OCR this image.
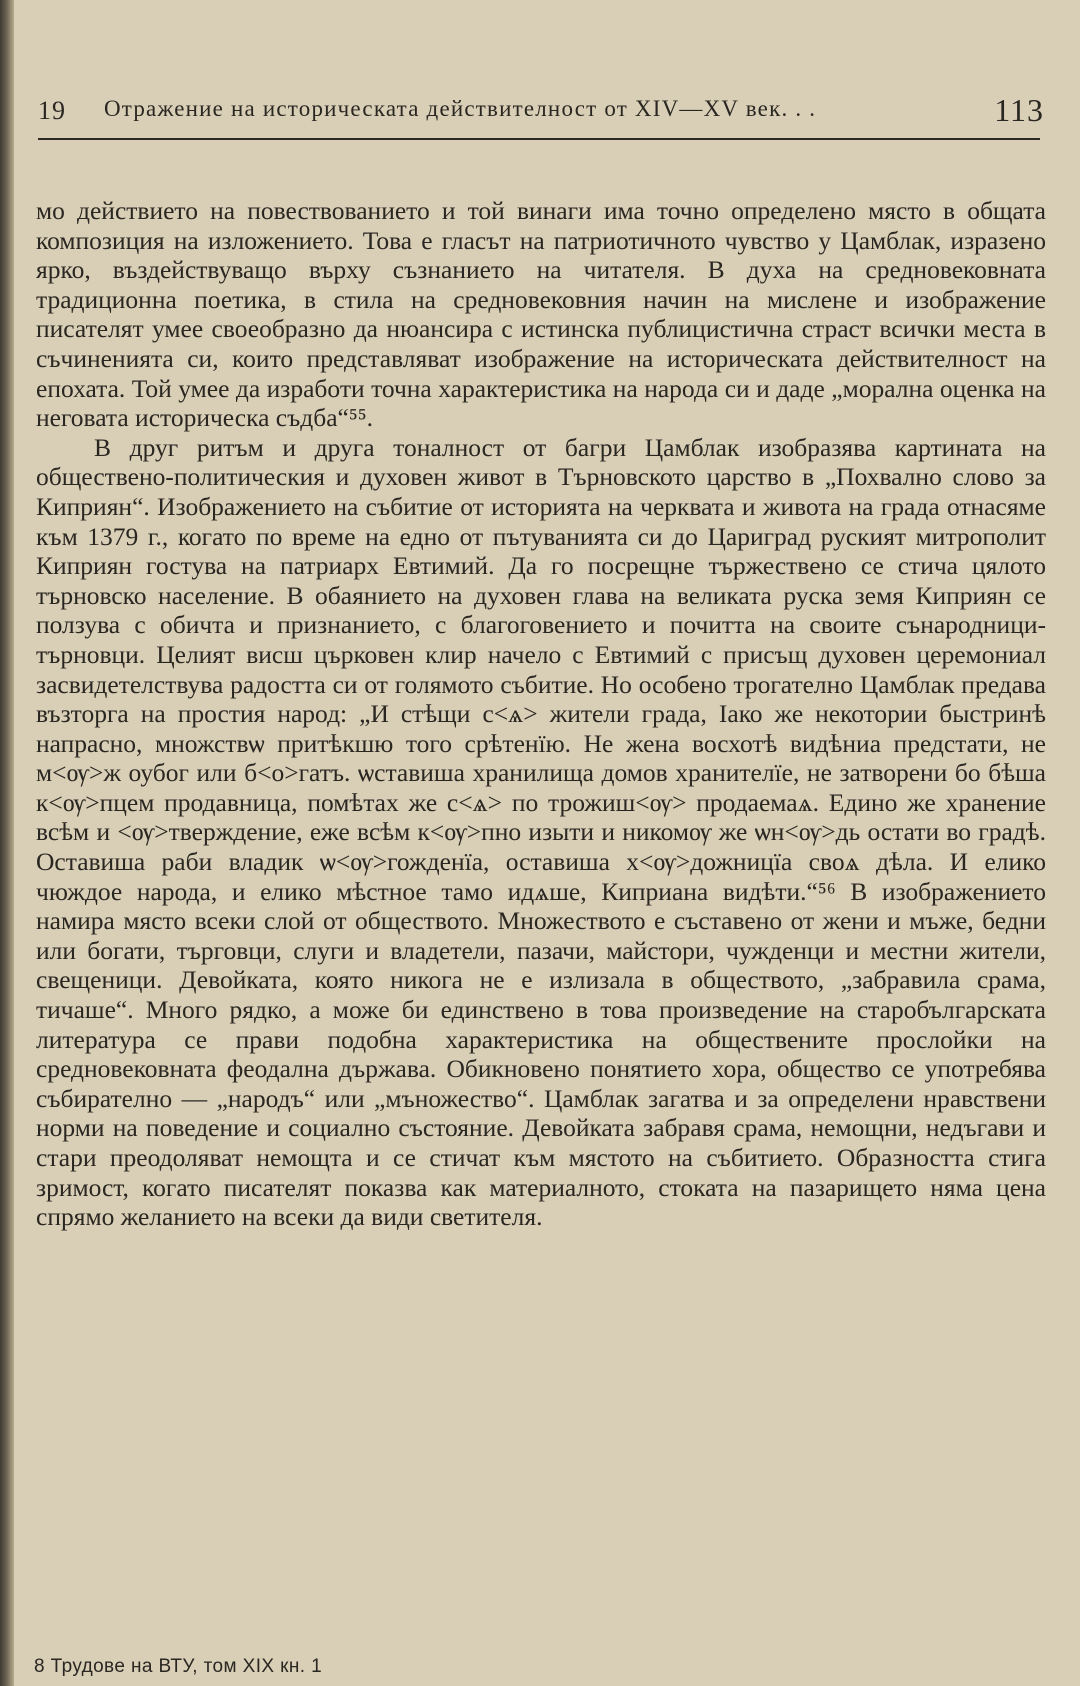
19 Отражение на историческата действителност от XIV—XV век. . .	113

мо действието на повествованието и той винаги има точно определено място в общата композиция на изложението. Това е гласът на патриотичното чувство у Цамблак, изразено ярко, въздействуващо върху съзнанието на читателя. В духа на средновековната традиционна поетика, в стила на средновековния начин на мислене и изображение писателят умее своеобразно да нюансира с истинска публицистична страст всички места в съчиненията си, които представляват изображение на историческата действителност на епохата. Той умее да изработи точна характеристика на народа си и даде „морална оценка на неговата историческа съдба“⁵⁵.

В друг ритъм и друга тоналност от багри Цамблак изобразява картината на обществено-политическия и духовен живот в Търновското царство в „Похвално слово за Киприян“. Изображението на събитие от историята на черквата и живота на града отнасяме към 1379 г., когато по време на едно от пътуванията си до Цариград руският митрополит Киприян гостува на патриарх Евтимий. Да го посрещне тържествено се стича цялото търновско население. В обаянието на духовен глава на великата руска земя Киприян се ползува с обичта и признанието, с благоговението и почитта на своите сънародници-търновци. Целият висш църковен клир начело с Евтимий с присъщ духовен церемониал засвидетелствува радостта си от голямото събитие. Но особено трогателно Цамблак предава възторга на простия народ: „И стѣщи с<ѧ> жители града, Іако же некотории быстринѣ напрасно, множствѡ притѣкшю того срѣтенїю. Не жена восхотѣ видѣниа предстати, не м<ѹ>ж оубог или б<о>гатъ. ѡставиша хранилища домов хранителїе, не затворени бо бѣша к<ѹ>пцем продавница, помѣтах же с<ѧ> по трожиш<ѹ> продаемаѧ. Едино же хранение всѣм и <ѹ>тверждение, еже всѣм к<ѹ>пно изыти и никомѹ же ѡн<ѹ>дь остати во градѣ. Оставиша раби владик ѡ<ѹ>гожденїа, оставиша х<ѹ>дожницїа своѧ дѣла. И елико чюждое народа, и елико мѣстное тамо идѧше, Киприана видѣти.“⁵⁶ В изображението намира място всеки слой от обществото. Множеството е съставено от жени и мъже, бедни или богати, търговци, слуги и владетели, пазачи, майстори, чужденци и местни жители, свещеници. Девойката, която никога не е излизала в обществото, „забравила срама, тичаше“. Много рядко, а може би единствено в това произведение на старобългарската литература се прави подобна характеристика на обществените прослойки на средновековната феодална държава. Обикновено понятието хора, общество се употребява събирателно — „народъ“ или „мъножество“. Цамблак загатва и за определени нравствени норми на поведение и социално състояние. Девойката забравя срама, немощни, недъгави и стари преодоляват немощта и се стичат към мястото на събитието. Образността стига зримост, когато писателят показва как материалното, стоката на пазарището няма цена спрямо желанието на всеки да види светителя.

8 Трудове на ВТУ, том XIX кн. 1
